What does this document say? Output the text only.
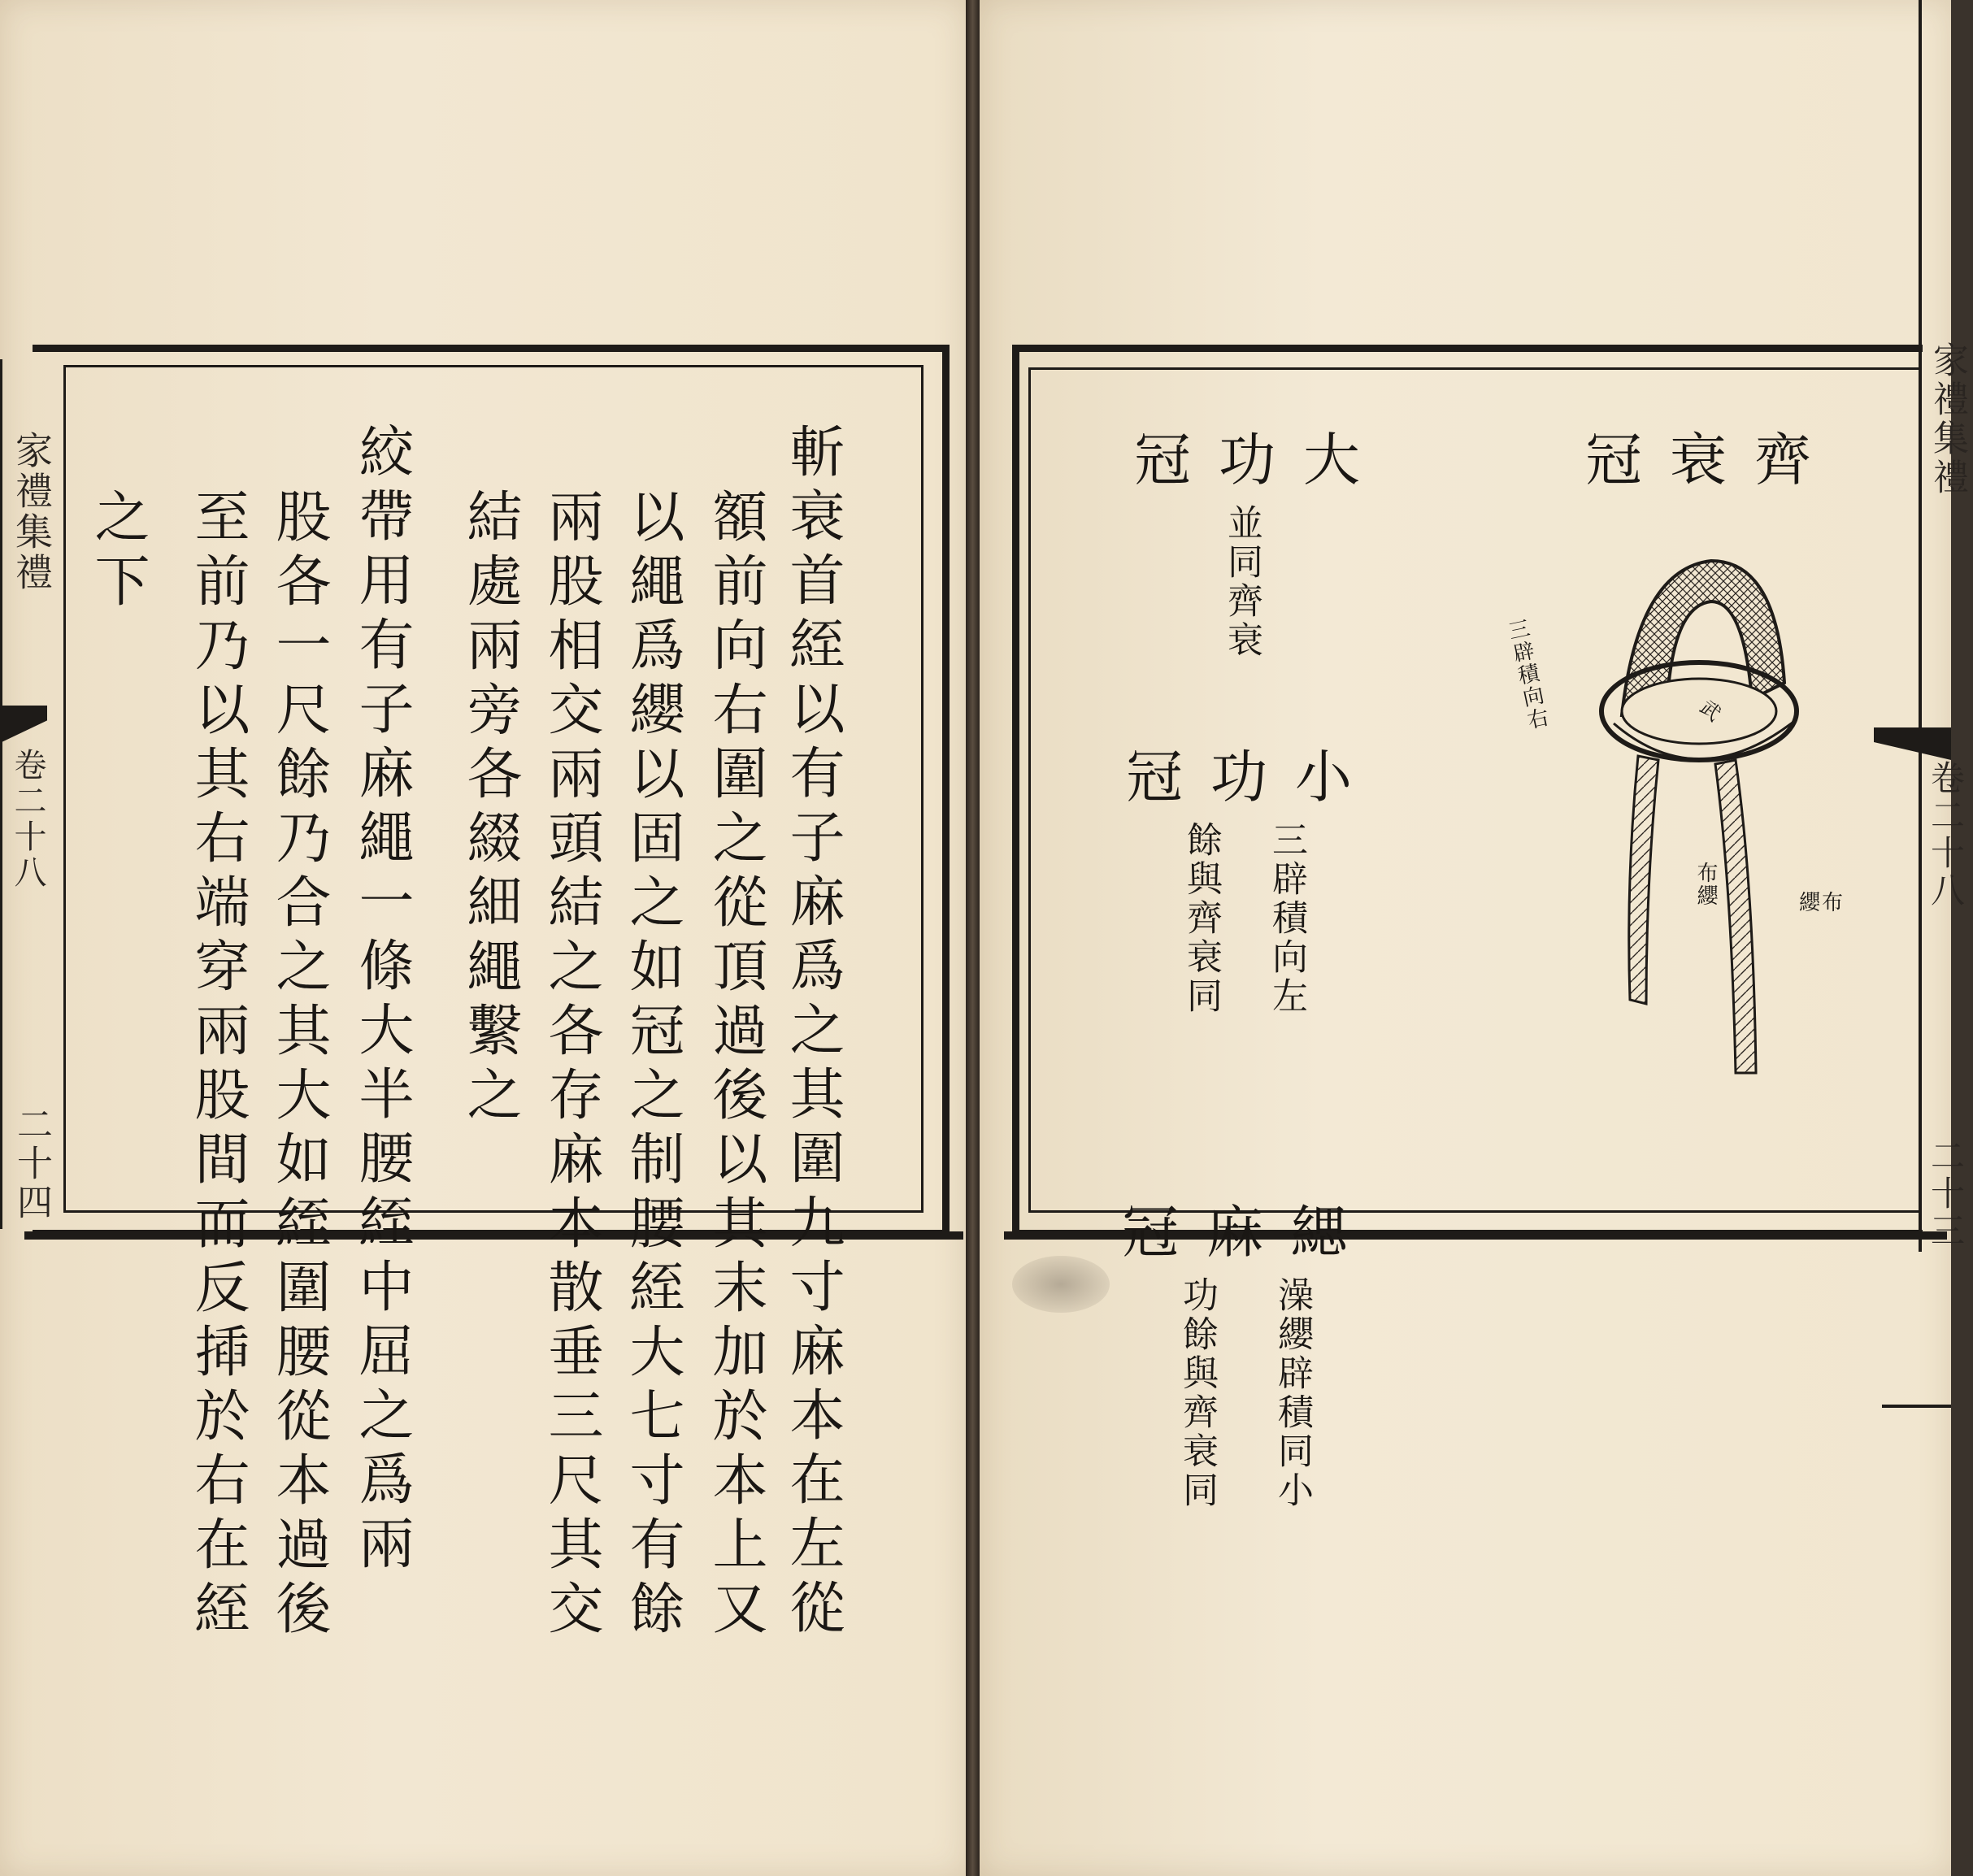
家禮集禮
卷二十八
二十四	斬衰首絰以有子麻爲之其圍九寸麻本在左從
額前向右圍之從頂過後以其末加於本上又
以繩爲纓以固之如冠之制腰絰大七寸有餘
兩股相交兩頭結之各存麻本散垂三尺其交
結處兩旁各綴細繩繫之
絞帶用有子麻繩一條大半腰絰中屈之爲兩
股各一尺餘乃合之其大如絰圍腰從本過後
至前乃以其右端穿兩股間而反揷於右在絰
之下
家禮集禮
卷二十八
二十三
齊衰冠
三辟積向右	武
布纓	布纓
大功冠
並同齊衰
小功冠
三辟積向左
餘與齊衰同
緦麻冠
澡纓辟積同小
功餘與齊衰同
